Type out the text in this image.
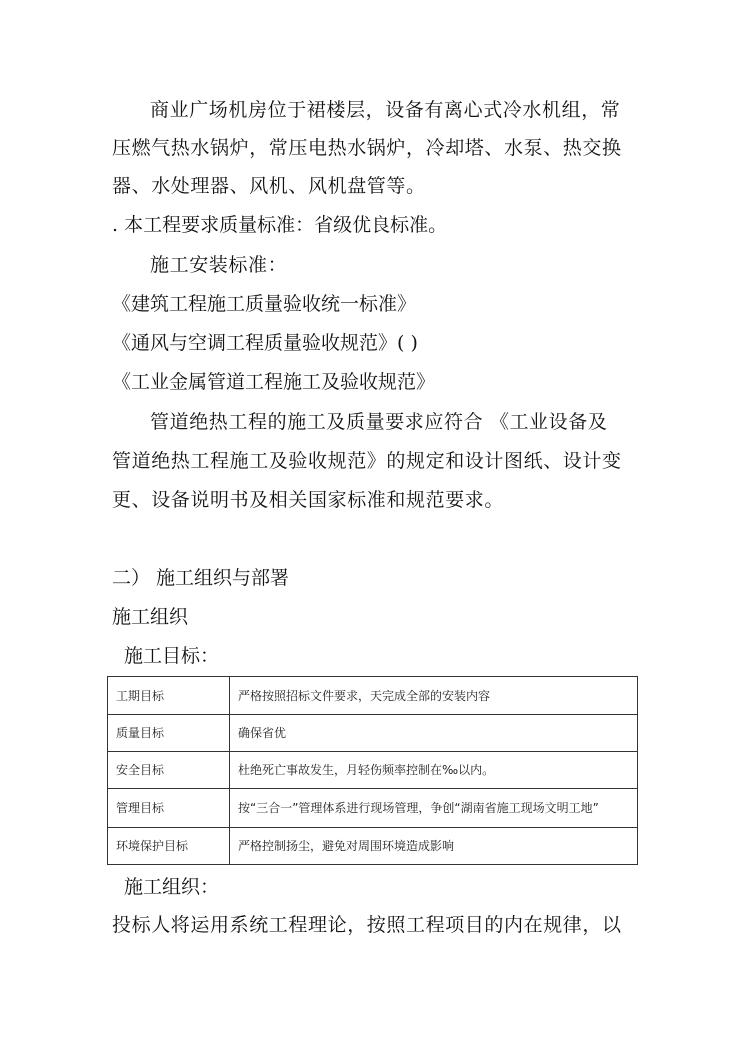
商业广场机房位于裙楼层，设备有离心式冷水机组，常
压燃气热水锅炉，常压电热水锅炉，冷却塔、水泵、热交换
器、水处理器、风机、风机盘管等。
. 本工程要求质量标准：省级优良标准。
施工安装标准：
《建筑工程施工质量验收统一标准》
《通风与空调工程质量验收规范》( )
《工业金属管道工程施工及验收规范》
管道绝热工程的施工及质量要求应符合 《工业设备及
管道绝热工程施工及验收规范》的规定和设计图纸、设计变
更、设备说明书及相关国家标准和规范要求。
二） 施工组织与部署
施工组织
施工目标：
工期目标	严格按照招标文件要求，天完成全部的安装内容
质量目标	确保省优
安全目标	杜绝死亡事故发生，月轻伤频率控制在‰以内。
管理目标	按“三合一”管理体系进行现场管理，争创“湖南省施工现场文明工地”
环境保护目标	严格控制扬尘，避免对周围环境造成影响
施工组织：
投标人将运用系统工程理论，按照工程项目的内在规律，以
